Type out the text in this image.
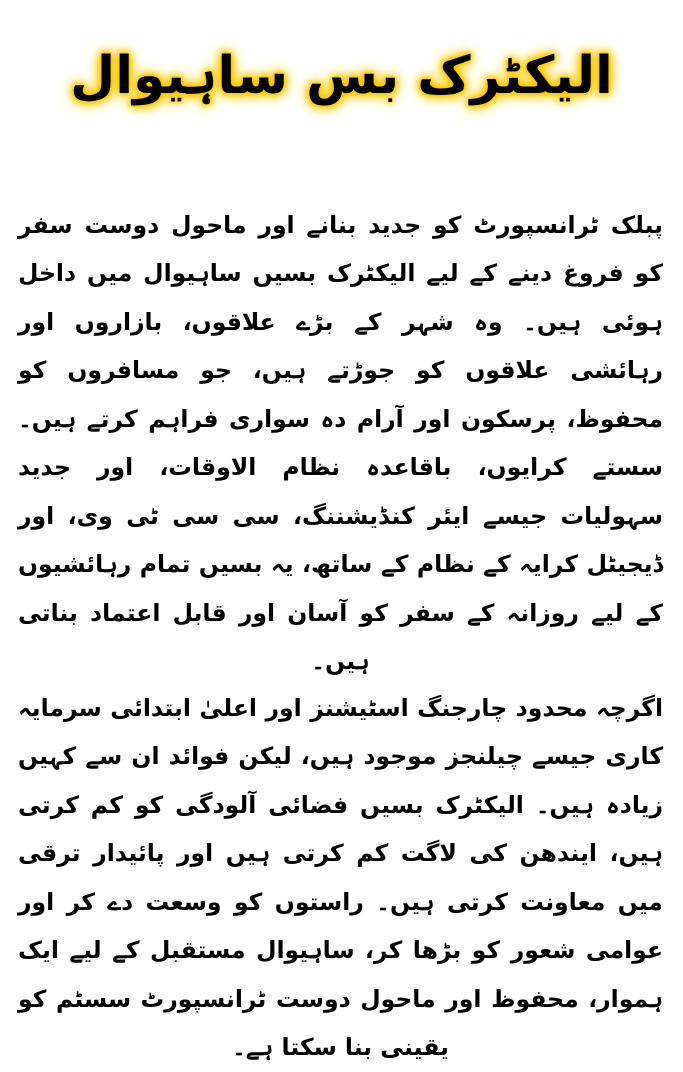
الیکٹرک بس ساہیوال

پبلک ٹرانسپورٹ کو جدید بنانے اور ماحول دوست سفر کو فروغ دینے کے لیے الیکٹرک بسیں ساہیوال میں داخل ہوئی ہیں۔ وہ شہر کے بڑے علاقوں، بازاروں اور رہائشی علاقوں کو جوڑتے ہیں، جو مسافروں کو محفوظ، پرسکون اور آرام دہ سواری فراہم کرتے ہیں۔ سستے کرایوں، باقاعدہ نظام الاوقات، اور جدید سہولیات جیسے ایئر کنڈیشننگ، سی سی ٹی وی، اور ڈیجیٹل کرایہ کے نظام کے ساتھ، یہ بسیں تمام رہائشیوں کے لیے روزانہ کے سفر کو آسان اور قابل اعتماد بناتی ہیں۔

اگرچہ محدود چارجنگ اسٹیشنز اور اعلیٰ ابتدائی سرمایہ کاری جیسے چیلنجز موجود ہیں، لیکن فوائد ان سے کہیں زیادہ ہیں۔ الیکٹرک بسیں فضائی آلودگی کو کم کرتی ہیں، ایندھن کی لاگت کم کرتی ہیں اور پائیدار ترقی میں معاونت کرتی ہیں۔ راستوں کو وسعت دے کر اور عوامی شعور کو بڑھا کر، ساہیوال مستقبل کے لیے ایک ہموار، محفوظ اور ماحول دوست ٹرانسپورٹ سسٹم کو یقینی بنا سکتا ہے۔
